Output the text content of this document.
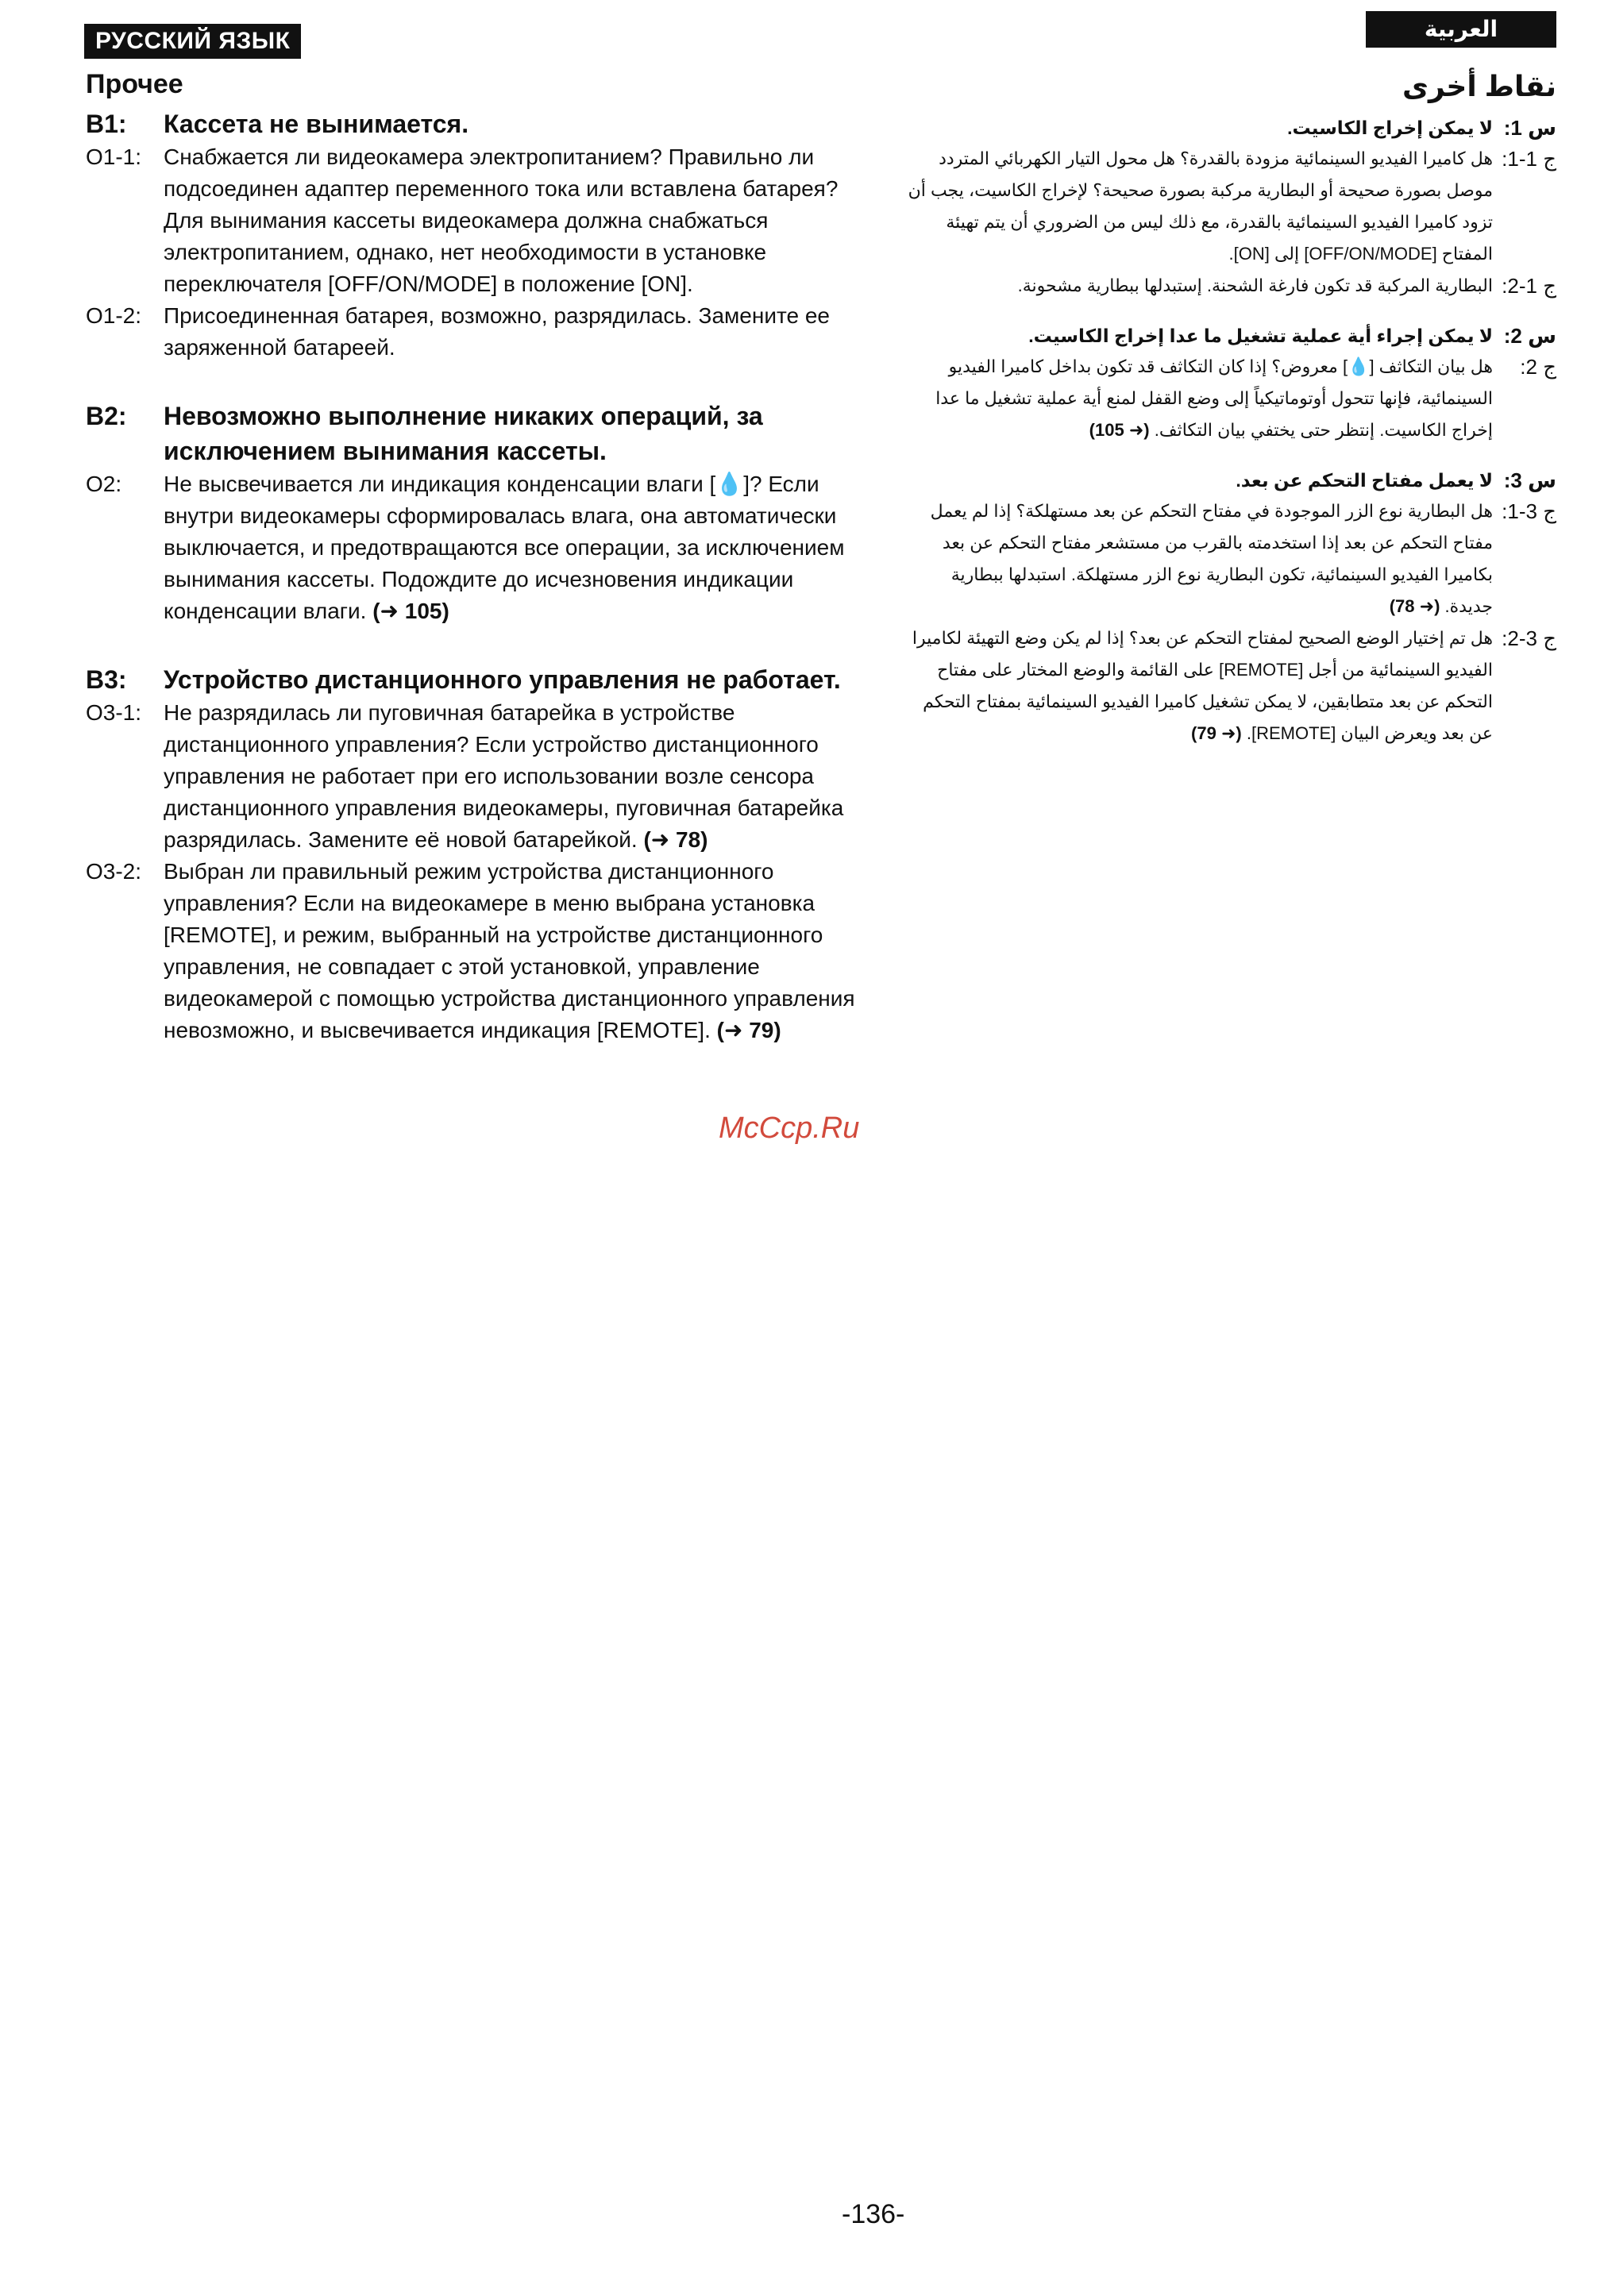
РУССКИЙ ЯЗЫК	العربية
Прочее
B1:	Кассета не вынимается.
O1-1: Снабжается ли видеокамера электропитанием? Правильно ли подсоединен адаптер переменного тока или вставлена батарея? Для вынимания кассеты видеокамера должна снабжаться электропитанием, однако, нет необходимости в установке переключателя [OFF/ON/MODE] в положение [ON].
O1-2: Присоединенная батарея, возможно, разрядилась. Замените ее заряженной батареей.
B2:	Невозможно выполнение никаких операций, за исключением вынимания кассеты.
O2:	Не высвечивается ли индикация конденсации влаги [💧]? Если внутри видеокамеры сформировалась влага, она автоматически выключается, и предотвращаются все операции, за исключением вынимания кассеты. Подождите до исчезновения индикации конденсации влаги. (➜ 105)
B3:	Устройство дистанционного управления не работает.
O3-1: Не разрядилась ли пуговичная батарейка в устройстве дистанционного управления? Если устройство дистанционного управления не работает при его использовании возле сенсора дистанционного управления видеокамеры, пуговичная батарейка разрядилась. Замените её новой батарейкой. (➜ 78)
O3-2: Выбран ли правильный режим устройства дистанционного управления? Если на видеокамере в меню выбрана установка [REMOTE], и режим, выбранный на устройстве дистанционного управления, не совпадает с этой установкой, управление видеокамерой с помощью устройства дистанционного управления невозможно, и высвечивается индикация [REMOTE]. (➜ 79)
نقاط أخرى
س 1:
لا يمكن إخراج الكاسيت.
ج 1-1:
هل كاميرا الفيديو السينمائية مزودة بالقدرة؟ هل محول التيار الكهربائي المتردد موصل بصورة صحيحة أو البطارية مركبة بصورة صحيحة؟ لإخراج الكاسيت، يجب أن تزود كاميرا الفيديو السينمائية بالقدرة، مع ذلك ليس من الضروري أن يتم تهيئة المفتاح [OFF/ON/MODE] إلى [ON].
ج 1-2:
البطارية المركبة قد تكون فارغة الشحنة. إستبدلها ببطارية مشحونة.
س 2:
لا يمكن إجراء أية عملية تشغيل ما عدا إخراج الكاسيت.
ج 2:
هل بيان التكاثف [💧] معروض؟ إذا كان التكاثف قد تكون بداخل كاميرا الفيديو السينمائية، فإنها تتحول أوتوماتيكياً إلى وضع القفل لمنع أية عملية تشغيل ما عدا إخراج الكاسيت. إنتظر حتى يختفي بيان التكاثف. (➜ 105)
س 3:
لا يعمل مفتاح التحكم عن بعد.
ج 3-1:
هل البطارية نوع الزر الموجودة في مفتاح التحكم عن بعد مستهلكة؟ إذا لم يعمل مفتاح التحكم عن بعد إذا استخدمته بالقرب من مستشعر مفتاح التحكم عن بعد بكاميرا الفيديو السينمائية، تكون البطارية نوع الزر مستهلكة. استبدلها ببطارية جديدة. (➜ 78)
ج 3-2:
هل تم إختيار الوضع الصحيح لمفتاح التحكم عن بعد؟ إذا لم يكن وضع التهيئة لكاميرا الفيديو السينمائية من أجل [REMOTE] على القائمة والوضع المختار على مفتاح التحكم عن بعد متطابقين، لا يمكن تشغيل كاميرا الفيديو السينمائية بمفتاح التحكم عن بعد ويعرض البيان [REMOTE]. (➜ 79)
МсСср.Ru
-136-
